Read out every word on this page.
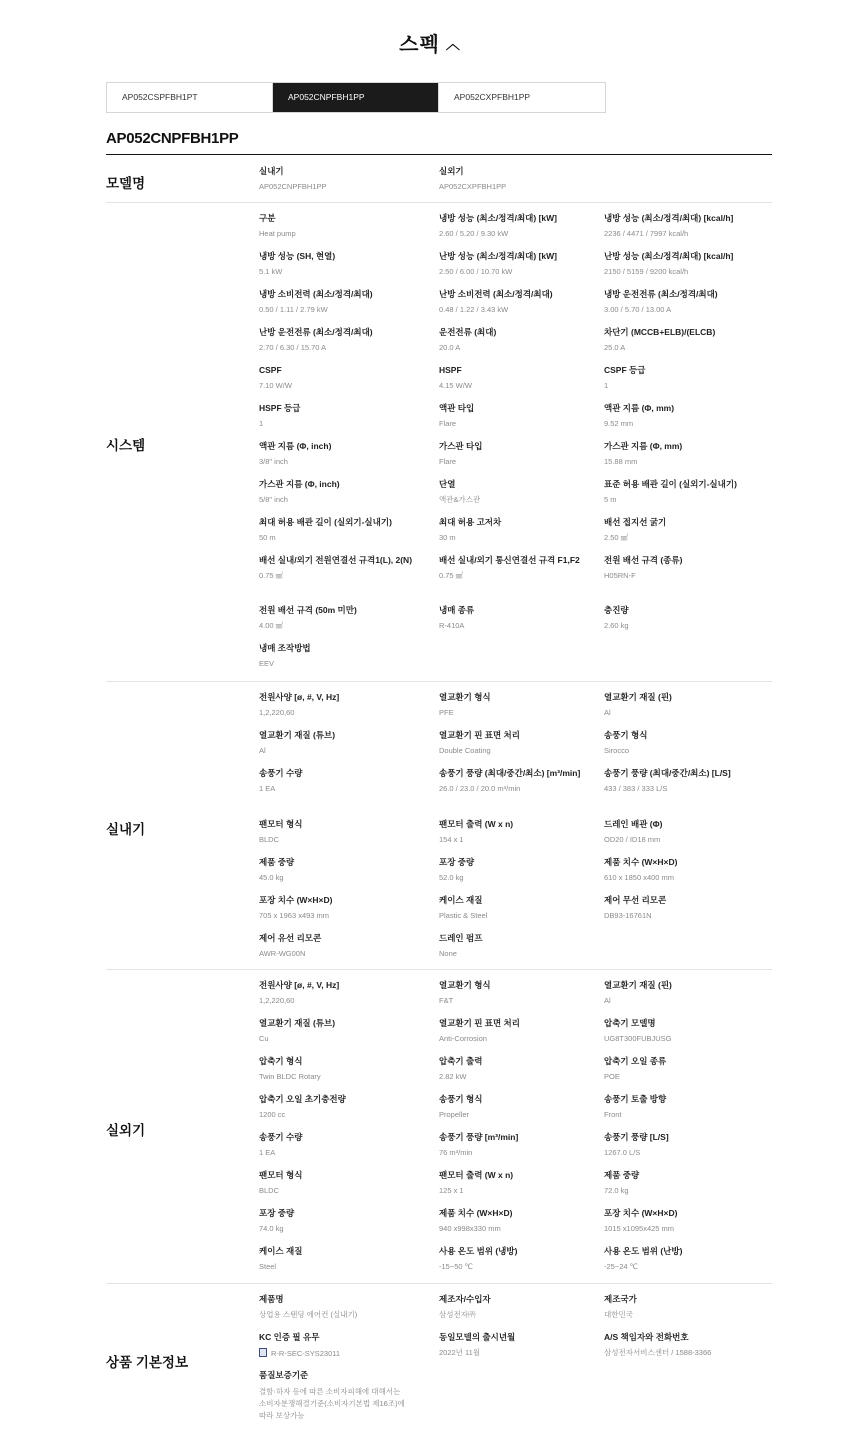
스펙 ︿
AP052CSPFBH1PT	AP052CNPFBH1PP	AP052CXPFBH1PP
AP052CNPFBH1PP
모델명
실내기
AP052CNPFBH1PP
실외기
AP052CXPFBH1PP
시스템
구분
Heat pump
냉방 성능 (최소/정격/최대) [kW]
2.60 / 5.20 / 9.30 kW
냉방 성능 (최소/정격/최대) [kcal/h]
2236 / 4471 / 7997 kcal/h
냉방 성능 (SH, 현열)
5.1 kW
난방 성능 (최소/정격/최대) [kW]
2.50 / 6.00 / 10.70 kW
난방 성능 (최소/정격/최대) [kcal/h]
2150 / 5159 / 9200 kcal/h
냉방 소비전력 (최소/정격/최대)
0.50 / 1.11 / 2.79 kW
난방 소비전력 (최소/정격/최대)
0.48 / 1.22 / 3.43 kW
냉방 운전전류 (최소/정격/최대)
3.00 / 5.70 / 13.00 A
난방 운전전류 (최소/정격/최대)
2.70 / 6.30 / 15.70 A
운전전류 (최대)
20.0 A
차단기 (MCCB+ELB)/(ELCB)
25.0 A
CSPF
7.10 W/W
HSPF
4.15 W/W
CSPF 등급
1
HSPF 등급
1
액관 타입
Flare
액관 지름 (Φ, mm)
9.52 mm
액관 지름 (Φ, inch)
3/8" inch
가스관 타입
Flare
가스관 지름 (Φ, mm)
15.88 mm
가스관 지름 (Φ, inch)
5/8" inch
단열
액관&가스관
표준 허용 배관 길이 (실외기-실내기)
5 m
최대 허용 배관 길이 (실외기-실내기)
50 m
최대 허용 고저차
30 m
배선 접지선 굵기
2.50 ㎟
배선 실내/외기 전원연결선 규격1(L), 2(N)
0.75 ㎟
배선 실내/외기 통신연결선 규격 F1,F2
0.75 ㎟
전원 배선 규격 (종류)
H05RN-F
전원 배선 규격 (50m 미만)
4.00 ㎟
냉매 종류
R-410A
충진량
2.60 kg
냉매 조작방법
EEV
실내기
전원사양 [ø, #, V, Hz]
1,2,220,60
열교환기 형식
PFE
열교환기 재질 (핀)
Al
열교환기 재질 (튜브)
Al
열교환기 핀 표면 처리
Double Coating
송풍기 형식
Sirocco
송풍기 수량
1 EA
송풍기 풍량 (최대/중간/최소) [m³/min]
26.0 / 23.0 / 20.0 m³/min
송풍기 풍량 (최대/중간/최소) [L/S]
433 / 383 / 333 L/S
팬모터 형식
BLDC
팬모터 출력 (W x n)
154 x 1
드레인 배관 (Φ)
OD20 / ID18 mm
제품 중량
45.0 kg
포장 중량
52.0 kg
제품 치수 (W×H×D)
610 x 1850 x400 mm
포장 치수 (W×H×D)
705 x 1963 x493 mm
케이스 재질
Plastic & Steel
제어 무선 리모콘
DB93-16761N
제어 유선 리모콘
AWR-WG00N
드레인 펌프
None
실외기
전원사양 [ø, #, V, Hz]
1,2,220,60
열교환기 형식
F&T
열교환기 재질 (핀)
Al
열교환기 재질 (튜브)
Cu
열교환기 핀 표면 처리
Anti-Corrosion
압축기 모델명
UG8T300FUBJUSG
압축기 형식
Twin BLDC Rotary
압축기 출력
2.82 kW
압축기 오일 종류
POE
압축기 오일 초기충전량
1200 cc
송풍기 형식
Propeller
송풍기 토출 방향
Front
송풍기 수량
1 EA
송풍기 풍량 [m³/min]
76 m³/min
송풍기 풍량 [L/S]
1267.0 L/S
팬모터 형식
BLDC
팬모터 출력 (W x n)
125 x 1
제품 중량
72.0 kg
포장 중량
74.0 kg
제품 치수 (W×H×D)
940 x998x330 mm
포장 치수 (W×H×D)
1015 x1095x425 mm
케이스 재질
Steel
사용 온도 범위 (냉방)
-15~50 ℃
사용 온도 범위 (난방)
-25~24 ℃
상품 기본정보
제품명
상업용 스탠딩 에어컨 (실내기)
제조자/수입자
삼성전자㈜
제조국가
대한민국
KC 인증 필 유무
R-R-SEC-SYS23011
동일모델의 출시년월
2022년 11월
A/S 책임자와 전화번호
삼성전자서비스센터 / 1588-3366
품질보증기준
결함·하자 등에 따른 소비자피해에 대해서는 소비자분쟁해결기준(소비자기본법 제16조)에 따라 보상가능
